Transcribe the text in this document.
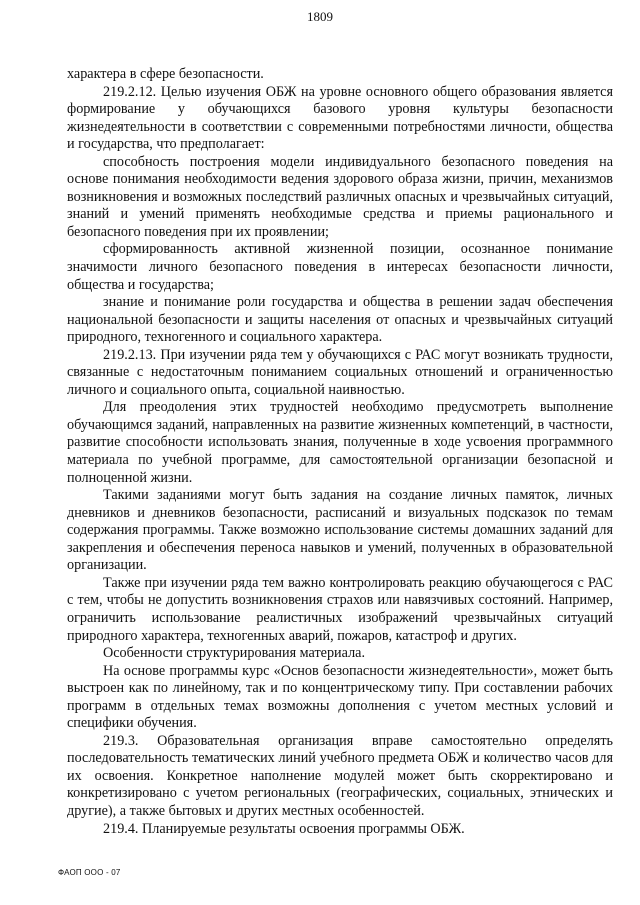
1809

характера в сфере безопасности.

219.2.12. Целью изучения ОБЖ на уровне основного общего образования является формирование у обучающихся базового уровня культуры безопасности жизнедеятельности в соответствии с современными потребностями личности, общества и государства, что предполагает:

способность построения модели индивидуального безопасного поведения на основе понимания необходимости ведения здорового образа жизни, причин, механизмов возникновения и возможных последствий различных опасных и чрезвычайных ситуаций, знаний и умений применять необходимые средства и приемы рационального и безопасного поведения при их проявлении;

сформированность активной жизненной позиции, осознанное понимание значимости личного безопасного поведения в интересах безопасности личности, общества и государства;

знание и понимание роли государства и общества в решении задач обеспечения национальной безопасности и защиты населения от опасных и чрезвычайных ситуаций природного, техногенного и социального характера.

219.2.13. При изучении ряда тем у обучающихся с РАС могут возникать трудности, связанные с недостаточным пониманием социальных отношений и ограниченностью личного и социального опыта, социальной наивностью.

Для преодоления этих трудностей необходимо предусмотреть выполнение обучающимся заданий, направленных на развитие жизненных компетенций, в частности, развитие способности использовать знания, полученные в ходе усвоения программного материала по учебной программе, для самостоятельной организации безопасной и полноценной жизни.

Такими заданиями могут быть задания на создание личных памяток, личных дневников и дневников безопасности, расписаний и визуальных подсказок по темам содержания программы. Также возможно использование системы домашних заданий для закрепления и обеспечения переноса навыков и умений, полученных в образовательной организации.

Также при изучении ряда тем важно контролировать реакцию обучающегося с РАС с тем, чтобы не допустить возникновения страхов или навязчивых состояний. Например, ограничить использование реалистичных изображений чрезвычайных ситуаций природного характера, техногенных аварий, пожаров, катастроф и других.

Особенности структурирования материала.

На основе программы курс «Основ безопасности жизнедеятельности», может быть выстроен как по линейному, так и по концентрическому типу. При составлении рабочих программ в отдельных темах возможны дополнения с учетом местных условий и специфики обучения.

219.3. Образовательная организация вправе самостоятельно определять последовательность тематических линий учебного предмета ОБЖ и количество часов для их освоения. Конкретное наполнение модулей может быть скорректировано и конкретизировано с учетом региональных (географических, социальных, этнических и другие), а также бытовых и других местных особенностей.

219.4. Планируемые результаты освоения программы ОБЖ.

ФАОП ООО - 07
